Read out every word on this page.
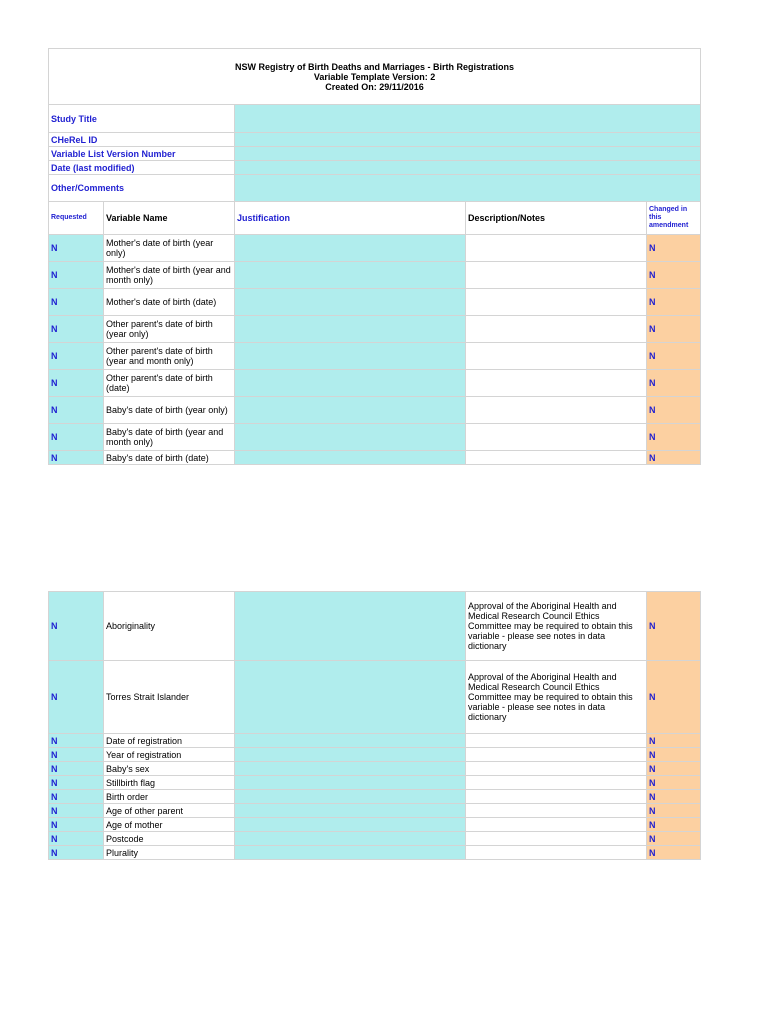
NSW Registry of Birth Deaths and Marriages - Birth Registrations
Variable Template Version: 2
Created On: 29/11/2016				

Study Title				
CHeReL ID				
Variable List Version Number				
Date (last modified)				
Other/Comments				
Requested	Variable Name	Justification	Description/Notes	Changed in this amendment
N	Mother's date of birth (year only)			N
N	Mother's date of birth (year and month only)			N
N	Mother's date of birth (date)			N
N	Other parent's date of birth (year only)			N
N	Other parent's date of birth (year and month only)			N
N	Other parent's date of birth (date)			N
N	Baby's date of birth (year only)			N
N	Baby's date of birth (year and month only)			N
N	Baby's date of birth (date)			N
N	Aboriginality		Approval of the Aboriginal Health and Medical Research Council Ethics Committee may be required to obtain this variable - please see notes in data dictionary	N
N	Torres Strait Islander		Approval of the Aboriginal Health and Medical Research Council Ethics Committee may be required to obtain this variable - please see notes in data dictionary	N
N	Date of registration			N
N	Year of registration			N
N	Baby's sex			N
N	Stillbirth flag			N
N	Birth order			N
N	Age of other parent			N
N	Age of mother			N
N	Postcode			N
N	Plurality			N
